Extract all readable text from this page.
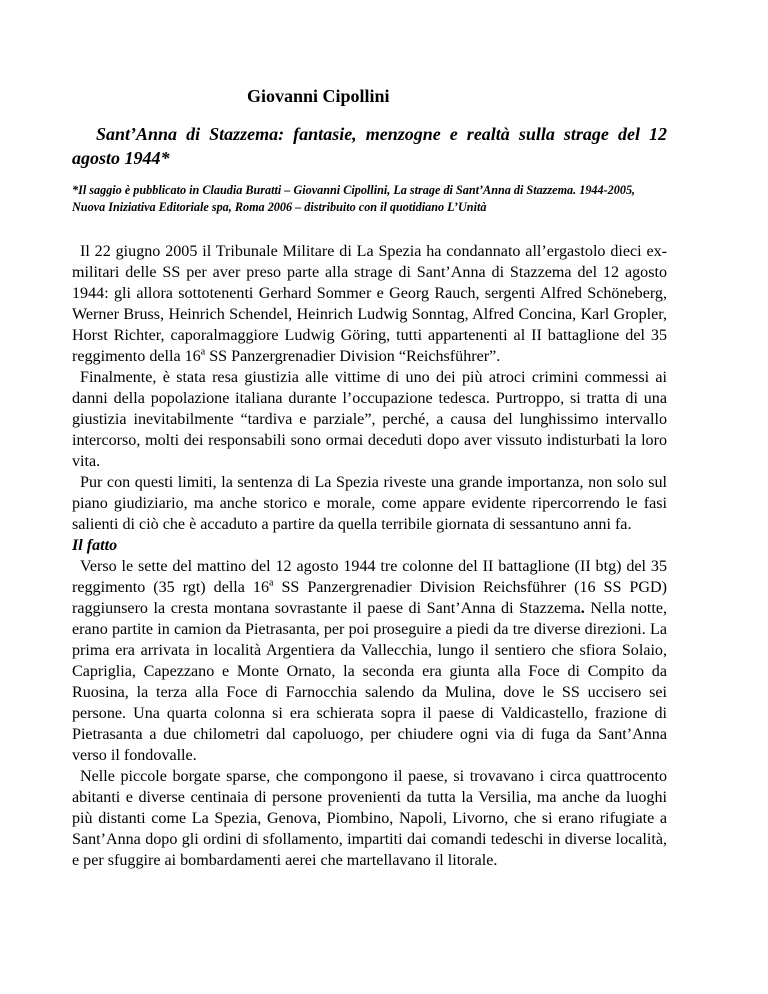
Giovanni Cipollini
Sant’Anna di Stazzema: fantasie, menzogne e realtà sulla strage del 12 agosto 1944*
*Il saggio è pubblicato in Claudia Buratti – Giovanni Cipollini, La strage di Sant’Anna di Stazzema. 1944-2005, Nuova Iniziativa Editoriale spa, Roma 2006 – distribuito con il quotidiano L’Unità

Il 22 giugno 2005 il Tribunale Militare di La Spezia ha condannato all’ergastolo dieci ex-militari delle SS per aver preso parte alla strage di Sant’Anna di Stazzema del 12 agosto 1944: gli allora sottotenenti Gerhard Sommer e Georg Rauch, sergenti Alfred Schöneberg, Werner Bruss, Heinrich Schendel, Heinrich Ludwig Sonntag, Alfred Concina, Karl Gropler, Horst Richter, caporalmaggiore Ludwig Göring, tutti appartenenti al II battaglione del 35 reggimento della 16$^a$ SS Panzergrenadier Division “Reichsführer”.

Finalmente, è stata resa giustizia alle vittime di uno dei più atroci crimini commessi ai danni della popolazione italiana durante l’occupazione tedesca. Purtroppo, si tratta di una giustizia inevitabilmente “tardiva e parziale”, perché, a causa del lunghissimo intervallo intercorso, molti dei responsabili sono ormai deceduti dopo aver vissuto indisturbati la loro vita.

Pur con questi limiti, la sentenza di La Spezia riveste una grande importanza, non solo sul piano giudiziario, ma anche storico e morale, come appare evidente ripercorrendo le fasi salienti di ciò che è accaduto a partire da quella terribile giornata di sessantuno anni fa.

Il fatto

Verso le sette del mattino del 12 agosto 1944 tre colonne del II battaglione (II btg) del 35 reggimento (35 rgt) della 16$^a$ SS Panzergrenadier Division Reichsführer (16 SS PGD) raggiunsero la cresta montana sovrastante il paese di Sant’Anna di Stazzema. Nella notte, erano partite in camion da Pietrasanta, per poi proseguire a piedi da tre diverse direzioni. La prima era arrivata in località Argentiera da Vallecchia, lungo il sentiero che sfiora Solaio, Capriglia, Capezzano e Monte Ornato, la seconda era giunta alla Foce di Compito da Ruosina, la terza alla Foce di Farnocchia salendo da Mulina, dove le SS uccisero sei persone. Una quarta colonna si era schierata sopra il paese di Valdicastello, frazione di Pietrasanta a due chilometri dal capoluogo, per chiudere ogni via di fuga da Sant’Anna verso il fondovalle.

Nelle piccole borgate sparse, che compongono il paese, si trovavano i circa quattrocento abitanti e diverse centinaia di persone provenienti da tutta la Versilia, ma anche da luoghi più distanti come La Spezia, Genova, Piombino, Napoli, Livorno, che si erano rifugiate a Sant’Anna dopo gli ordini di sfollamento, impartiti dai comandi tedeschi in diverse località, e per sfuggire ai bombardamenti aerei che martellavano il litorale.
